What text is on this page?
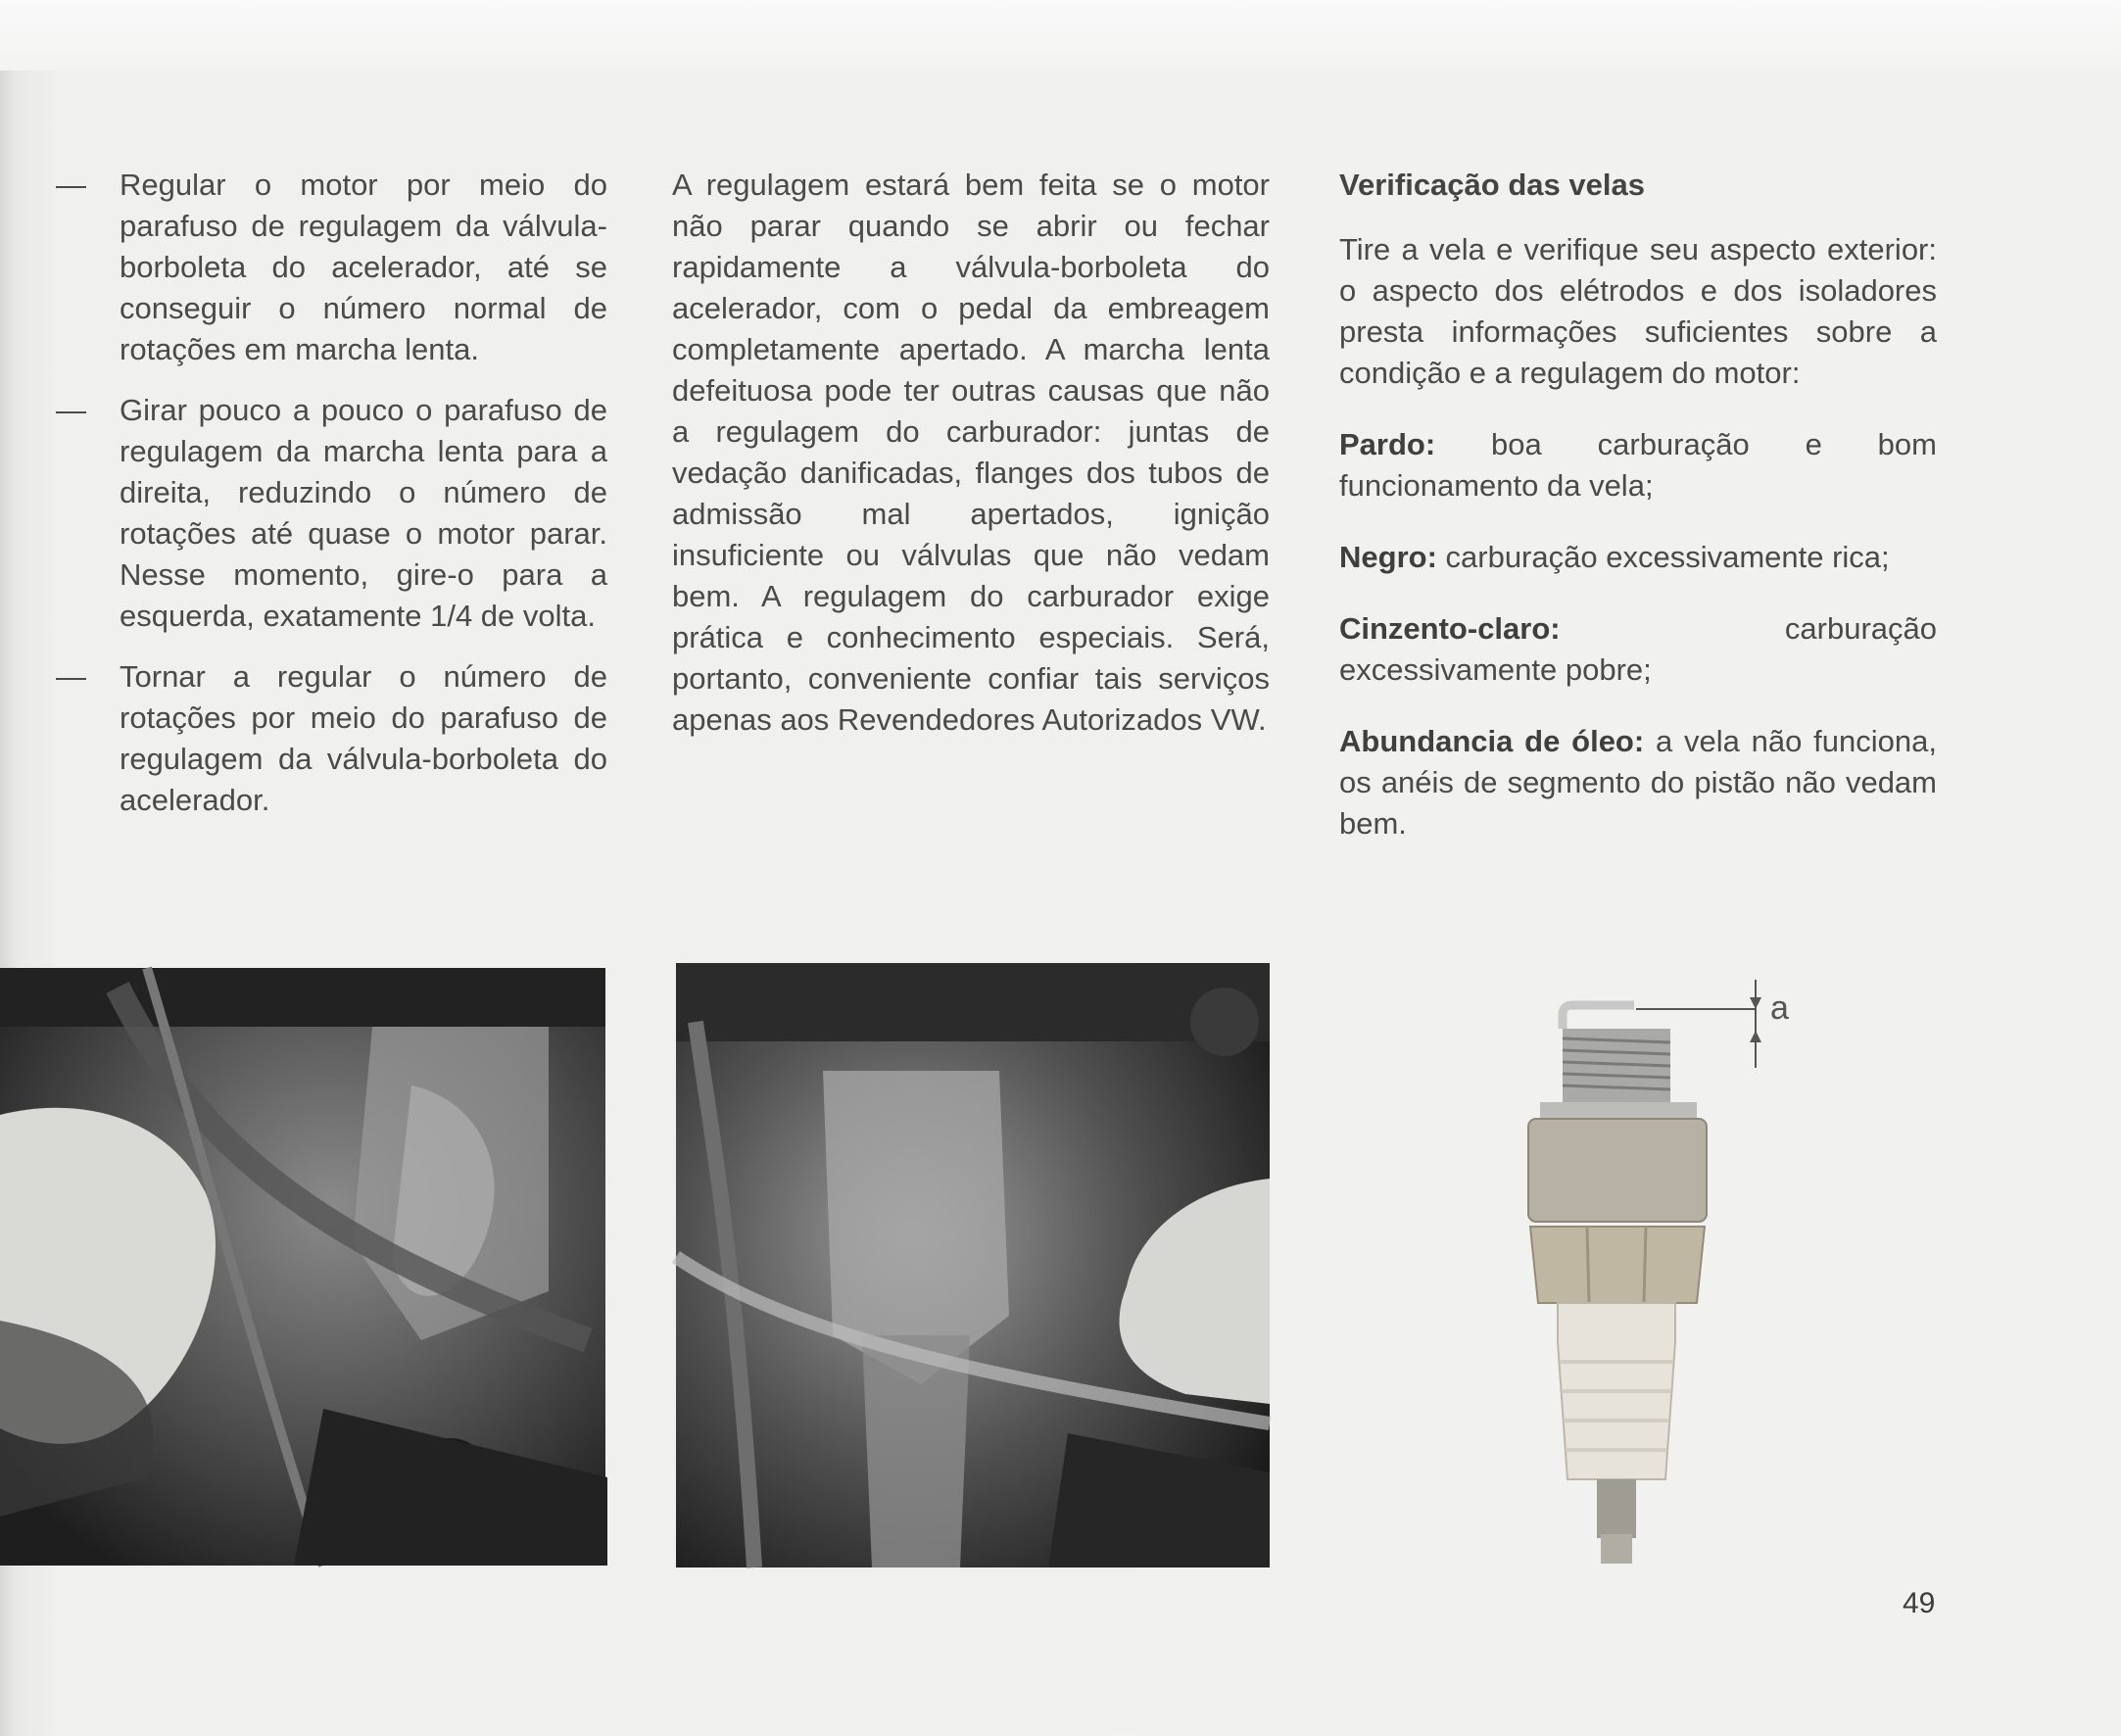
—	Regular o motor por meio do parafuso de regulagem da válvula-borboleta do acelerador, até se conseguir o número normal de rotações em marcha lenta.
—	Girar pouco a pouco o parafuso de regulagem da marcha lenta para a direita, reduzindo o número de rotações até quase o motor parar. Nesse momento, gire-o para a esquerda, exatamente 1/4 de volta.
—	Tornar a regular o número de rotações por meio do parafuso de regulagem da válvula-borboleta do acelerador.

A regulagem estará bem feita se o motor não parar quando se abrir ou fechar rapidamente a válvula-borboleta do acelerador, com o pedal da embreagem completamente apertado. A marcha lenta defeituosa pode ter outras causas que não a regulagem do carburador: juntas de vedação danificadas, flanges dos tubos de admissão mal apertados, ignição insuficiente ou válvulas que não vedam bem. A regulagem do carburador exige prática e conhecimento especiais. Será, portanto, conveniente confiar tais serviços apenas aos Revendedores Autorizados VW.

Verificação das velas

Tire a vela e verifique seu aspecto exterior: o aspecto dos elétrodos e dos isoladores presta informações suficientes sobre a condição e a regulagem do motor:

Pardo: boa carburação e bom funcionamento da vela;

Negro: carburação excessivamente rica;

Cinzento-claro:	carburação excessivamente pobre;

Abundancia de óleo: a vela não funciona, os anéis de segmento do pistão não vedam bem.

a
49
